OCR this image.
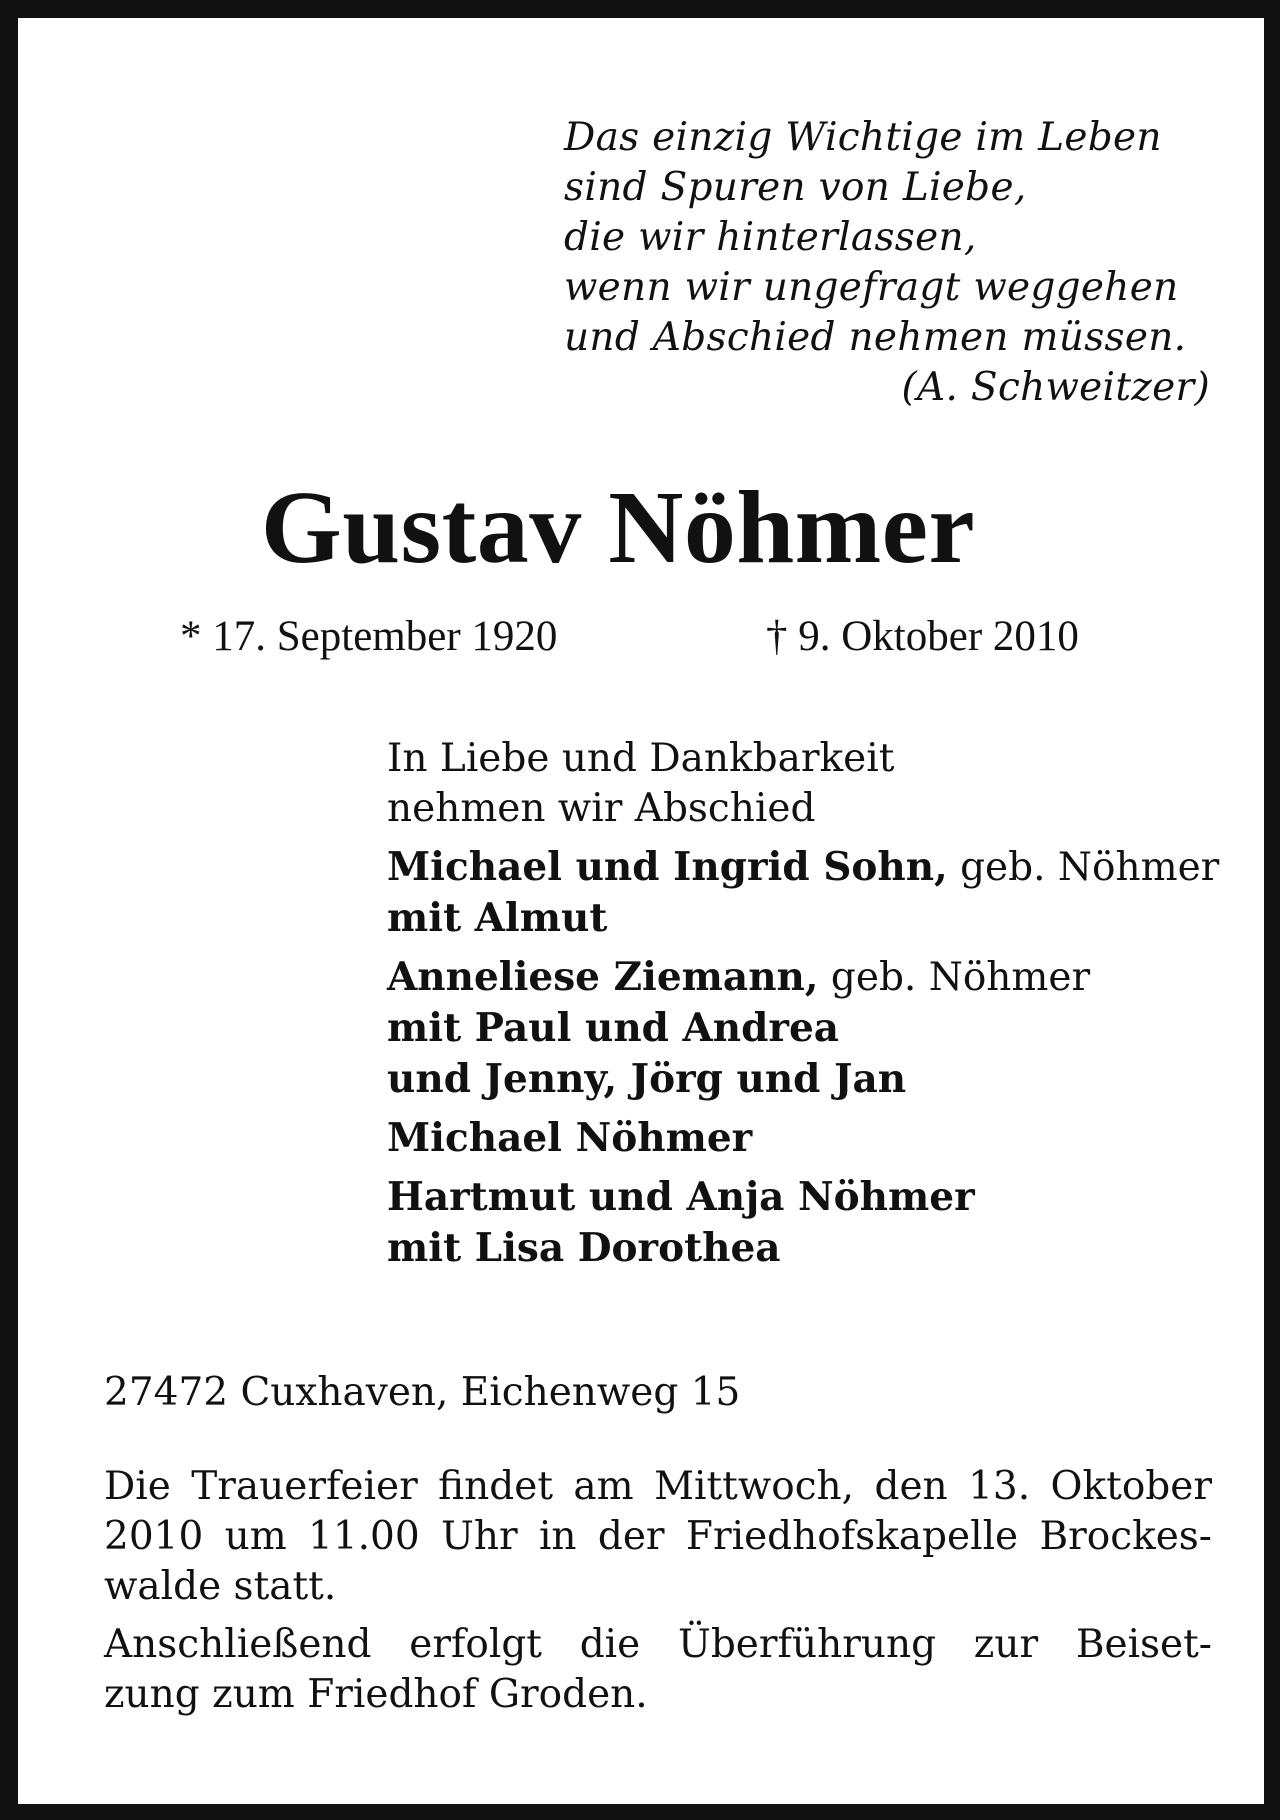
Das einzig Wichtige im Leben
sind Spuren von Liebe,
die wir hinterlassen,
wenn wir ungefragt weggehen
und Abschied nehmen müssen.
(A. Schweitzer)
Gustav Nöhmer
* 17. September 1920	† 9. Oktober 2010
In Liebe und Dankbarkeit
nehmen wir Abschied
Michael und Ingrid Sohn, geb. Nöhmer
mit Almut
Anneliese Ziemann, geb. Nöhmer
mit Paul und Andrea
und Jenny, Jörg und Jan
Michael Nöhmer
Hartmut und Anja Nöhmer
mit Lisa Dorothea
27472 Cuxhaven, Eichenweg 15
Die Trauerfeier findet am Mittwoch, den 13. Oktober
2010 um 11.00 Uhr in der Friedhofskapelle Brockes-
walde statt.
Anschließend erfolgt die Überführung zur Beiset-
zung zum Friedhof Groden.
